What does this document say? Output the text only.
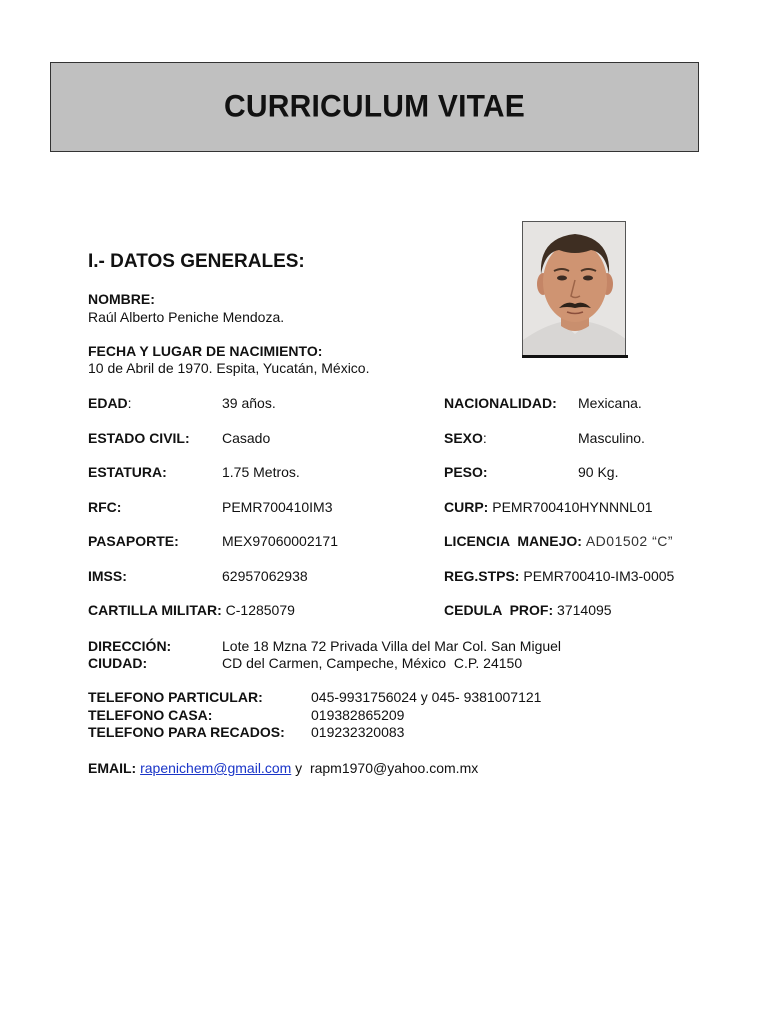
CURRICULUM VITAE
I.- DATOS GENERALES:
NOMBRE:
Raúl Alberto Peniche Mendoza.
FECHA Y LUGAR DE NACIMIENTO:
10 de Abril de 1970. Espita, Yucatán, México.
EDAD:	39 años.	NACIONALIDAD: Mexicana.
ESTADO CIVIL: Casado	SEXO:	Masculino.
ESTATURA:	1.75 Metros.	PESO:	90 Kg.
RFC:	PEMR700410IM3	CURP: PEMR700410HYNNNL01
PASAPORTE:	MEX97060002171	LICENCIA  MANEJO: AD01502 “C”
IMSS:	62957062938	REG.STPS: PEMR700410-IM3-0005
CARTILLA MILITAR: C-1285079	CEDULA  PROF: 3714095
DIRECCIÓN:	Lote 18 Mzna 72 Privada Villa del Mar Col. San Miguel
CIUDAD:	CD del Carmen, Campeche, México  C.P. 24150
TELEFONO PARTICULAR:	045-9931756024 y 045- 9381007121
TELEFONO CASA:	019382865209
TELEFONO PARA RECADOS: 019232320083
EMAIL: rapenichem@gmail.com y rapm1970@yahoo.com.mx
